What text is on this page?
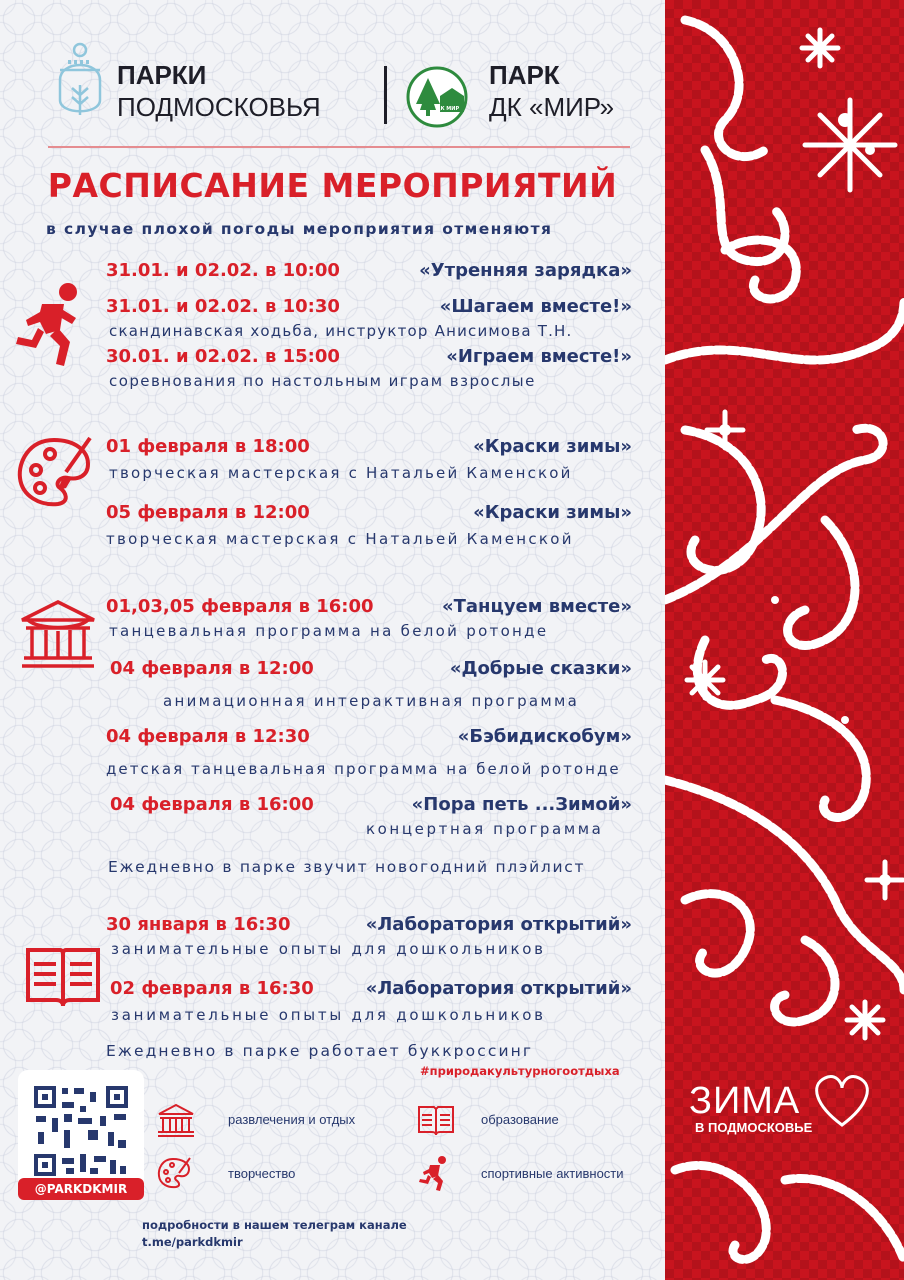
ЗИМА
В ПОДМОСКОВЬЕ
ПАРКИ
ПОДМОСКОВЬЯ	ДК МИР
ПАРК
ДК «МИР»
РАСПИСАНИЕ МЕРОПРИЯТИЙ
в случае плохой погоды мероприятия отменяютя
31.01. и 02.02. в 10:00	«Утренняя зарядка»
31.01. и 02.02. в 10:30	«Шагаем вместе!»
скандинавская ходьба, инструктор Анисимова Т.Н.
30.01. и 02.02. в 15:00	«Играем вместе!»
соревнования по настольным играм взрослые
01 февраля в 18:00	«Краски зимы»
творческая мастерская с Натальей Каменской
05 февраля в 12:00	«Краски зимы»
творческая мастерская с Натальей Каменской
01,03,05 февраля в 16:00	«Танцуем вместе»
танцевальная программа на белой ротонде
04 февраля в 12:00	«Добрые сказки»
анимационная интерактивная программа
04 февраля в 12:30	«Бэбидискобум»
детская танцевальная программа на белой ротонде
04 февраля в 16:00	«Пора петь ...Зимой»
концертная программа
Ежедневно в парке звучит новогодний плэйлист
30 января в 16:30	«Лаборатория открытий»
занимательные опыты для дошкольников
02 февраля в 16:30	«Лаборатория открытий»
занимательные опыты для дошкольников
Ежедневно в парке работает буккроссинг
#природакультурногоотдыха
@PARKDKMIR
развлечения и отдых	образование
творчество	спортивные активности
подробности в нашем телеграм канале
t.me/parkdkmir
